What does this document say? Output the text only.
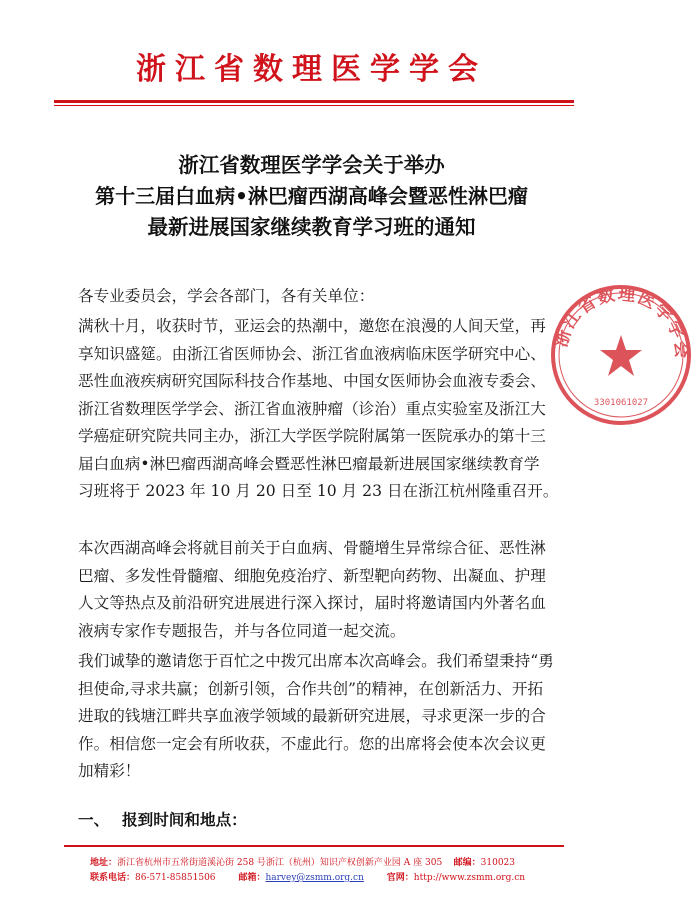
浙江省数理医学学会
浙江省数理医学学会关于举办
第十三届白血病•淋巴瘤西湖高峰会暨恶性淋巴瘤
最新进展国家继续教育学习班的通知
各专业委员会，学会各部门，各有关单位：
满秋十月，收获时节，亚运会的热潮中，邀您在浪漫的人间天堂，再
享知识盛筵。由浙江省医师协会、浙江省血液病临床医学研究中心、
恶性血液疾病研究国际科技合作基地、中国女医师协会血液专委会、
浙江省数理医学学会、浙江省血液肿瘤（诊治）重点实验室及浙江大
学癌症研究院共同主办，浙江大学医学院附属第一医院承办的第十三
届白血病•淋巴瘤西湖高峰会暨恶性淋巴瘤最新进展国家继续教育学
习班将于 2023 年 10 月 20 日至 10 月 23 日在浙江杭州隆重召开。
本次西湖高峰会将就目前关于白血病、骨髓增生异常综合征、恶性淋
巴瘤、多发性骨髓瘤、细胞免疫治疗、新型靶向药物、出凝血、护理
人文等热点及前沿研究进展进行深入探讨，届时将邀请国内外著名血
液病专家作专题报告，并与各位同道一起交流。
我们诚挚的邀请您于百忙之中拨冗出席本次高峰会。我们希望秉持“勇
担使命,寻求共赢；创新引领，合作共创”的精神，在创新活力、开拓
进取的钱塘江畔共享血液学领域的最新研究进展，寻求更深一步的合
作。相信您一定会有所收获，不虚此行。您的出席将会使本次会议更
加精彩！
一、 报到时间和地点：
浙江省数理医学学会
3301061027
地址：浙江省杭州市五常街道溪沁街 258 号浙江（杭州）知识产权创新产业园 A 座 305 邮编：310023
联系电话：86-571-85851506	邮箱：harvey@zsmm.org.cn	官网：http://www.zsmm.org.cn
